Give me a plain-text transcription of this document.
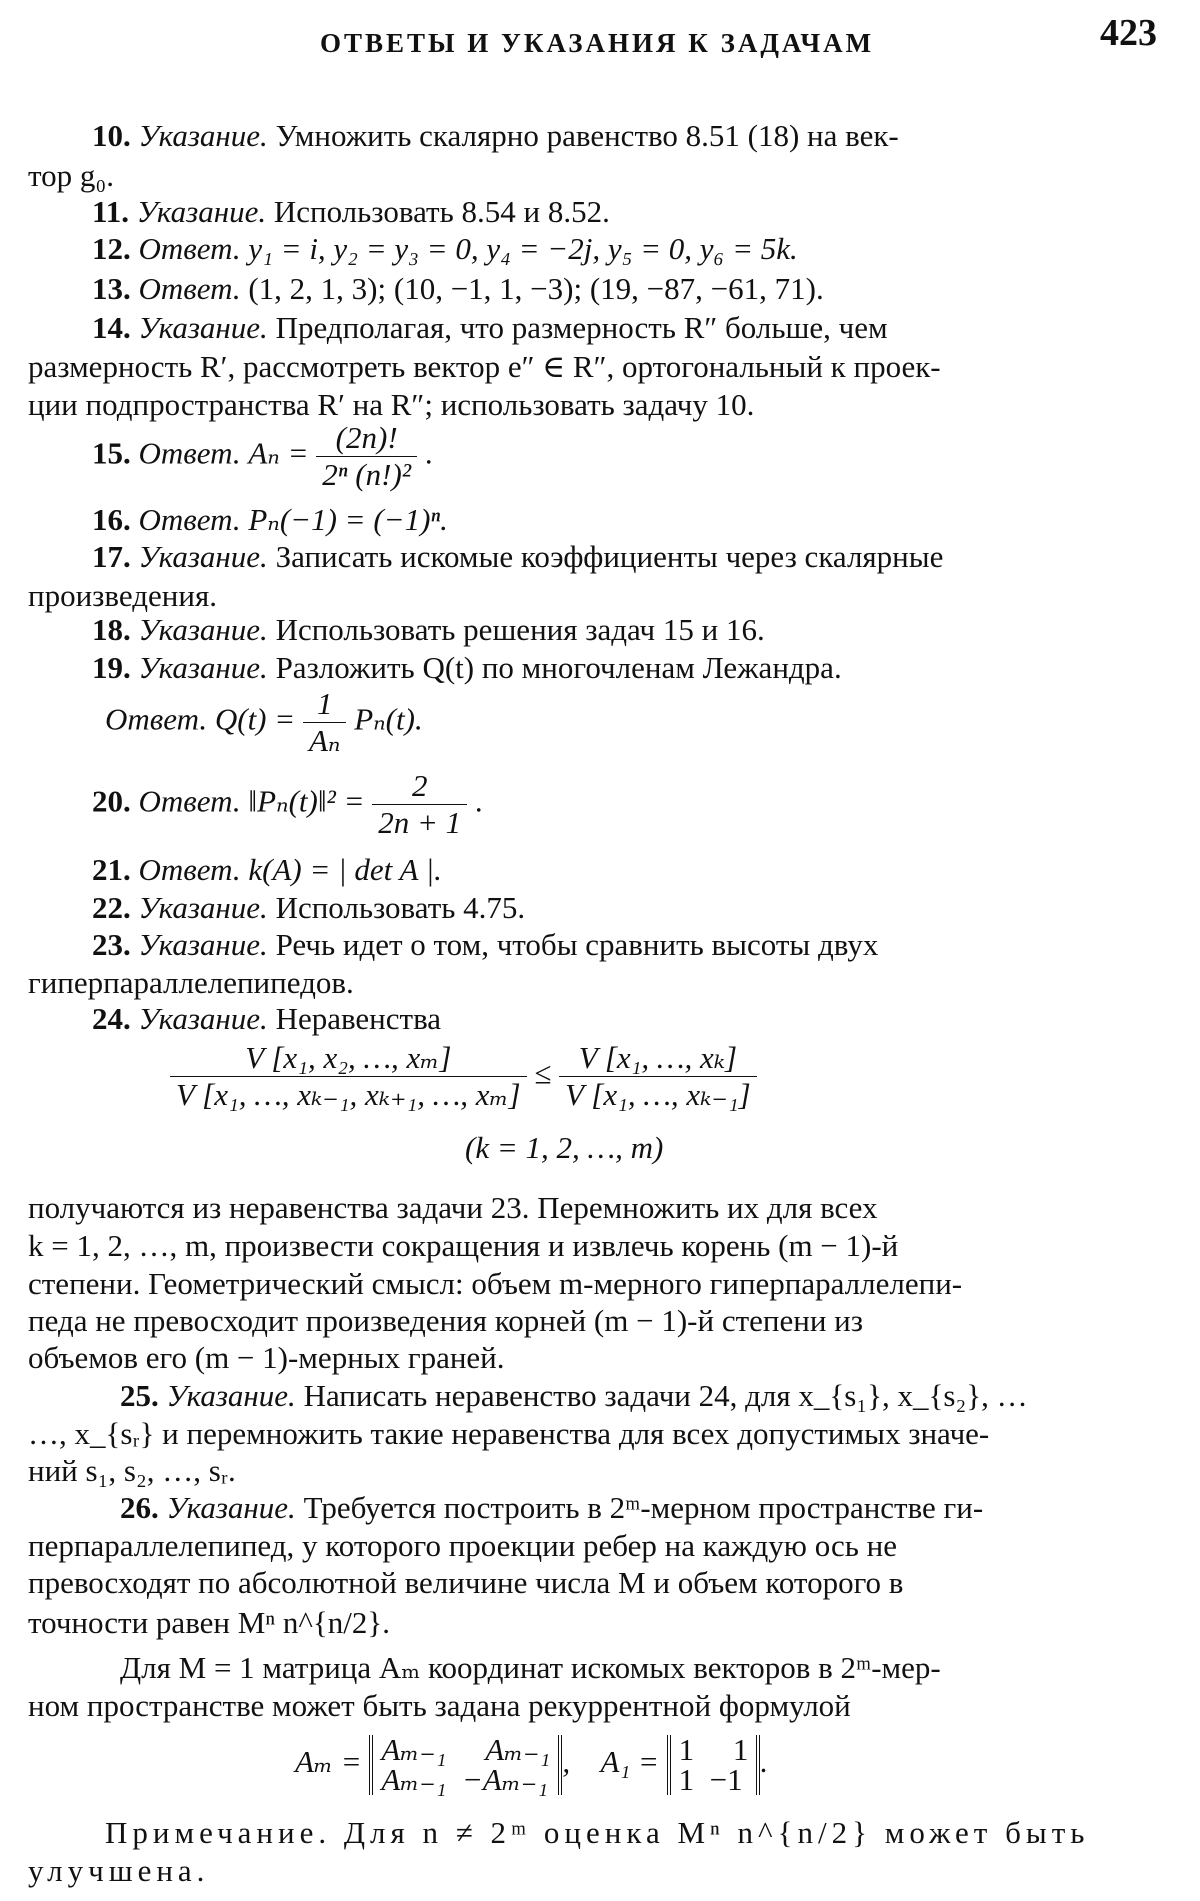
ОТВЕТЫ И УКАЗАНИЯ К ЗАДАЧАМ	423
10. Указание. Умножить скалярно равенство 8.51 (18) на век-
тор g₀.
11. Указание. Использовать 8.54 и 8.52.
12. Ответ. y₁ = i, y₂ = y₃ = 0, y₄ = −2j, y₅ = 0, y₆ = 5k.
13. Ответ. (1, 2, 1, 3); (10, −1, 1, −3); (19, −87, −61, 71).
14. Указание. Предполагая, что размерность R″ больше, чем
размерность R′, рассмотреть вектор e″ ∈ R″, ортогональный к проек-
ции подпространства R′ на R″; использовать задачу 10.
15. Ответ. $A_n = \frac{(2n)!}{\text{2ⁿ (n!)²}}$ .
16. Ответ. Pₙ(−1) = (−1)ⁿ.
17. Указание. Записать искомые коэффициенты через скалярные
произведения.
18. Указание. Использовать решения задач 15 и 16.
19. Указание. Разложить Q(t) по многочленам Лежандра.
Ответ. $Q(t) = \frac{1}{\text{Aₙ}} P_n(t)$.
20. Ответ. ‖Pₙ(t)‖² = $\frac{2}{2n + 1}$ .
21. Ответ. k(A) = | det A |.
22. Указание. Использовать 4.75.
23. Указание. Речь идет о том, чтобы сравнить высоты двух
гиперпараллелепипедов.
24. Указание. Неравенства
$\frac{\text{V [x₁, x₂, …, xₘ]}}{\text{V [x₁, …, xₖ₋₁, xₖ₊₁, …, xₘ]}} \le \frac{\text{V [x₁, …, xₖ]}}{\text{V [x₁, …, xₖ₋₁]}}$
(k = 1, 2, …, m)
получаются из неравенства задачи 23. Перемножить их для всех
k = 1, 2, …, m, произвести сокращения и извлечь корень (m − 1)-й
степени. Геометрический смысл: объем m-мерного гиперпараллелепи-
педа не превосходит произведения корней (m − 1)-й степени из
объемов его (m − 1)-мерных граней.
25. Указание. Написать неравенство задачи 24, для x_{s₁}, x_{s₂}, …
…, x_{sᵣ} и перемножить такие неравенства для всех допустимых значе-
ний s₁, s₂, …, sᵣ.
26. Указание. Требуется построить в 2ᵐ-мерном пространстве ги-
перпараллелепипед, у которого проекции ребер на каждую ось не
превосходят по абсолютной величине числа M и объем которого в
точности равен Mⁿ n^{n/2}.
Для M = 1 матрица Aₘ координат искомых векторов в 2ᵐ-мер-
ном пространстве может быть задана рекуррентной формулой
Aₘ = Aₘ₋₁ Aₘ₋₁
Aₘ₋₁ −Aₘ₋₁
, A₁ = 1 1
1 −1
.
Примечание. Для n ≠ 2ᵐ оценка Mⁿ n^{n/2} может быть
улучшена.
